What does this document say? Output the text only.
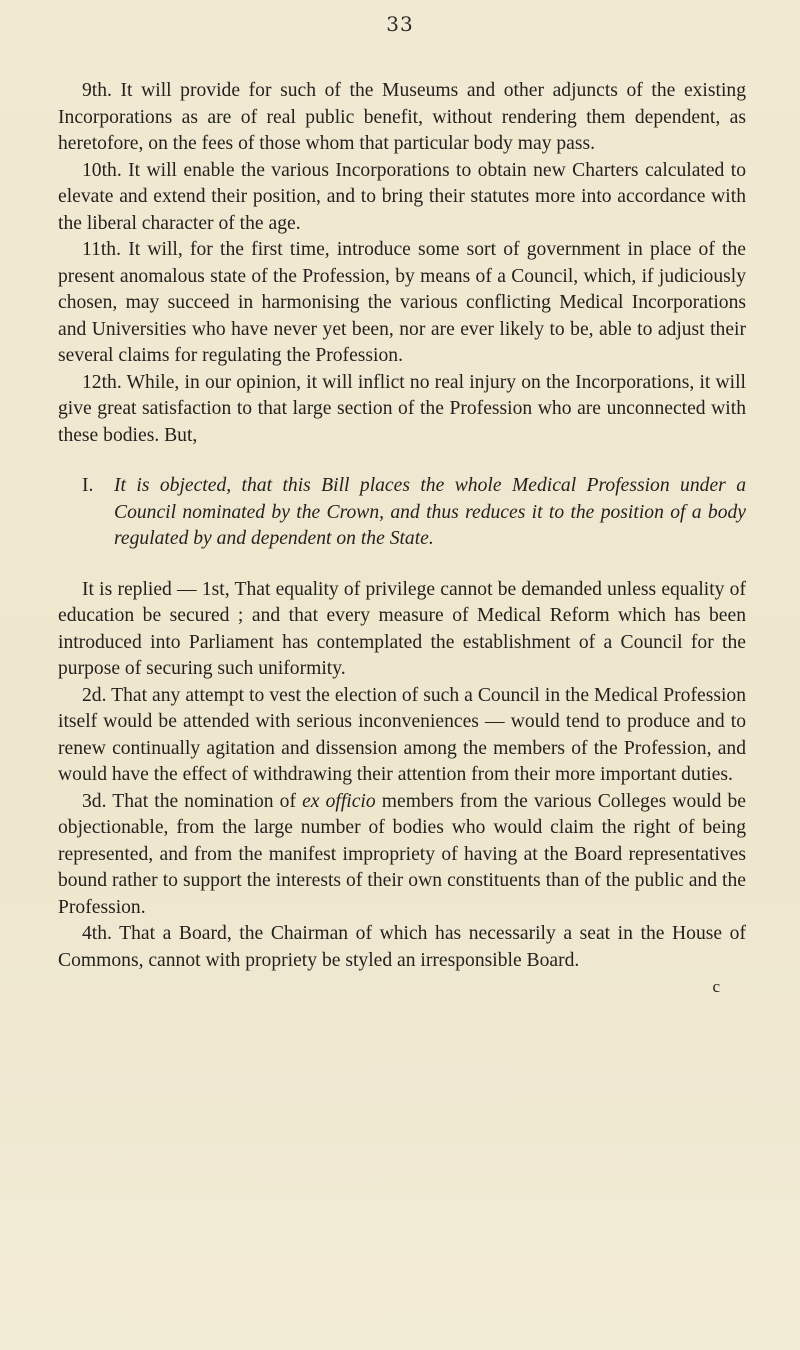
33

9th. It will provide for such of the Museums and other adjuncts of the existing Incorporations as are of real public benefit, without rendering them dependent, as heretofore, on the fees of those whom that particular body may pass.

10th. It will enable the various Incorporations to obtain new Charters calculated to elevate and extend their position, and to bring their statutes more into accordance with the liberal character of the age.

11th. It will, for the first time, introduce some sort of government in place of the present anomalous state of the Profession, by means of a Council, which, if judiciously chosen, may succeed in harmonising the various conflicting Medical Incorporations and Universities who have never yet been, nor are ever likely to be, able to adjust their several claims for regulating the Profession.

12th. While, in our opinion, it will inflict no real injury on the Incorporations, it will give great satisfaction to that large section of the Profession who are unconnected with these bodies. But,

I. It is objected, that this Bill places the whole Medical Profession under a Council nominated by the Crown, and thus reduces it to the position of a body regulated by and dependent on the State.

It is replied — 1st, That equality of privilege cannot be demanded unless equality of education be secured ; and that every measure of Medical Reform which has been introduced into Parliament has contemplated the establishment of a Council for the purpose of securing such uniformity.

2d. That any attempt to vest the election of such a Council in the Medical Profession itself would be attended with serious inconveniences — would tend to produce and to renew continually agitation and dissension among the members of the Profession, and would have the effect of withdrawing their attention from their more important duties.

3d. That the nomination of ex officio members from the various Colleges would be objectionable, from the large number of bodies who would claim the right of being represented, and from the manifest impropriety of having at the Board representatives bound rather to support the interests of their own constituents than of the public and the Profession.

4th. That a Board, the Chairman of which has necessarily a seat in the House of Commons, cannot with propriety be styled an irresponsible Board.

c
